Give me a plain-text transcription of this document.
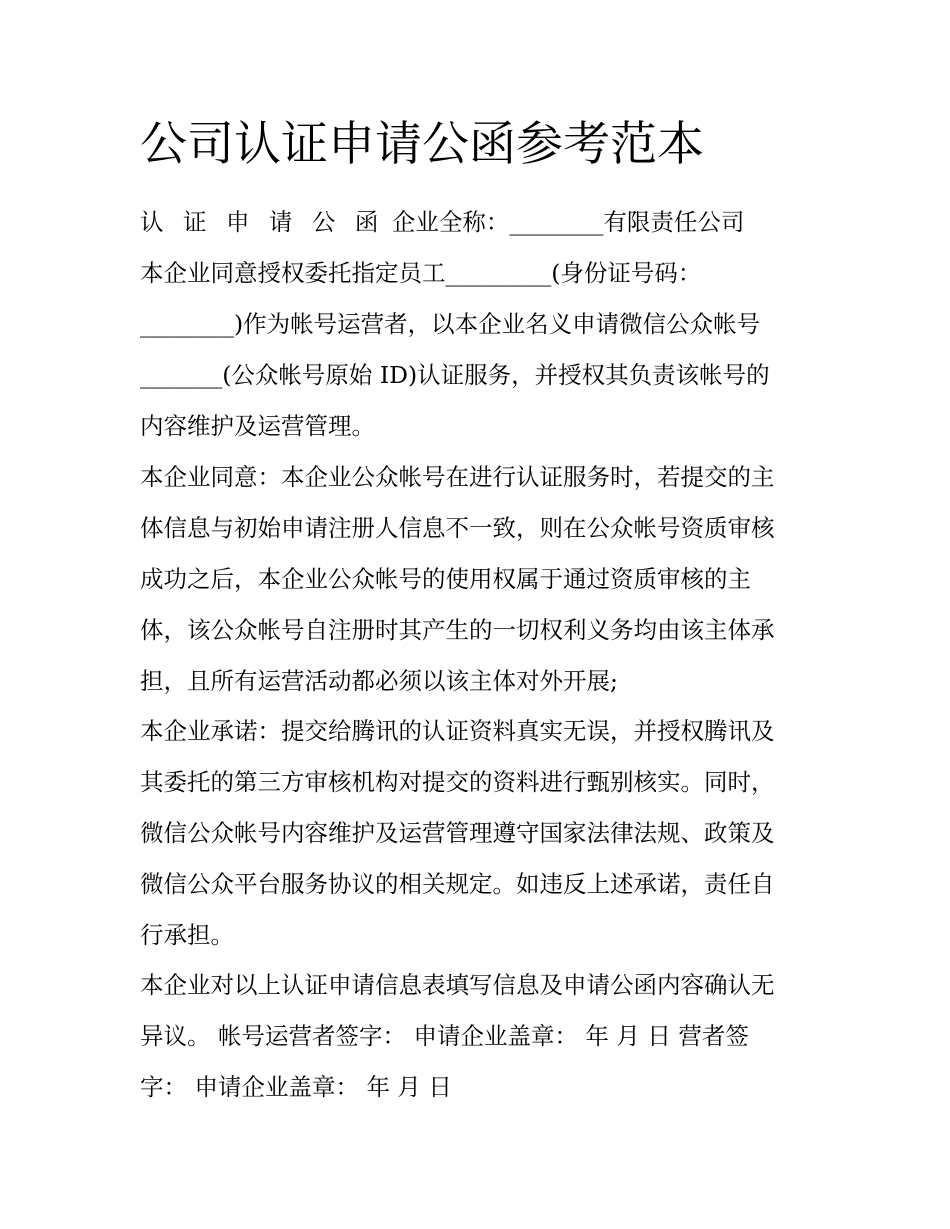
公司认证申请公函参考范本

认 证 申 请 公 函 企业全称：________有限责任公司

本企业同意授权委托指定员工_________(身份证号码：

________)作为帐号运营者，以本企业名义申请微信公众帐号

_______(公众帐号原始 ID)认证服务，并授权其负责该帐号的

内容维护及运营管理。

本企业同意：本企业公众帐号在进行认证服务时，若提交的主

体信息与初始申请注册人信息不一致，则在公众帐号资质审核

成功之后，本企业公众帐号的使用权属于通过资质审核的主

体，该公众帐号自注册时其产生的一切权利义务均由该主体承

担，且所有运营活动都必须以该主体对外开展;

本企业承诺：提交给腾讯的认证资料真实无误，并授权腾讯及

其委托的第三方审核机构对提交的资料进行甄别核实。同时，

微信公众帐号内容维护及运营管理遵守国家法律法规、政策及

微信公众平台服务协议的相关规定。如违反上述承诺，责任自

行承担。

本企业对以上认证申请信息表填写信息及申请公函内容确认无

异议。 帐号运营者签字： 申请企业盖章： 年 月 日 营者签

字： 申请企业盖章： 年 月 日
